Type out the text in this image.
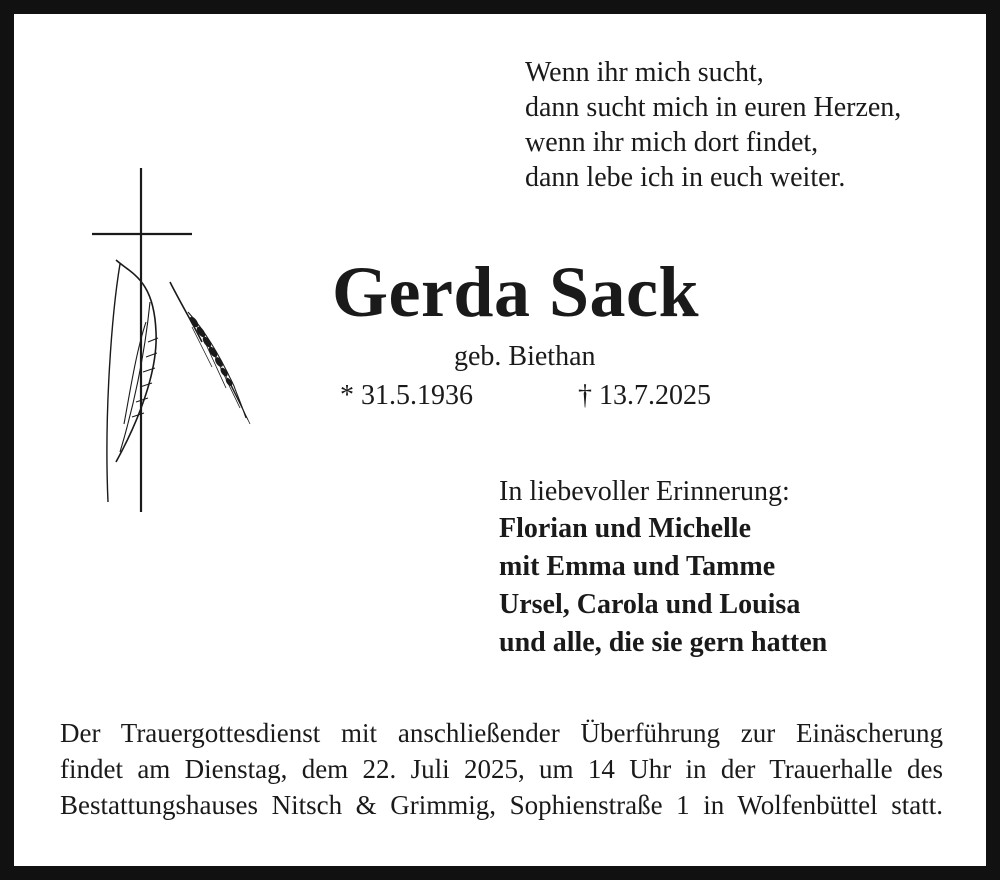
Wenn ihr mich sucht,
dann sucht mich in euren Herzen,
wenn ihr mich dort findet,
dann lebe ich in euch weiter.
Gerda Sack
geb. Biethan
* 31.5.1936	† 13.7.2025
In liebevoller Erinnerung:
Florian und Michelle
mit Emma und Tamme
Ursel, Carola und Louisa
und alle, die sie gern hatten
Der Trauergottesdienst mit anschließender Überführung zur Einäscherung
findet am Dienstag, dem 22. Juli 2025, um 14 Uhr in der Trauerhalle des
Bestattungshauses Nitsch & Grimmig, Sophienstraße 1 in Wolfenbüttel statt.
